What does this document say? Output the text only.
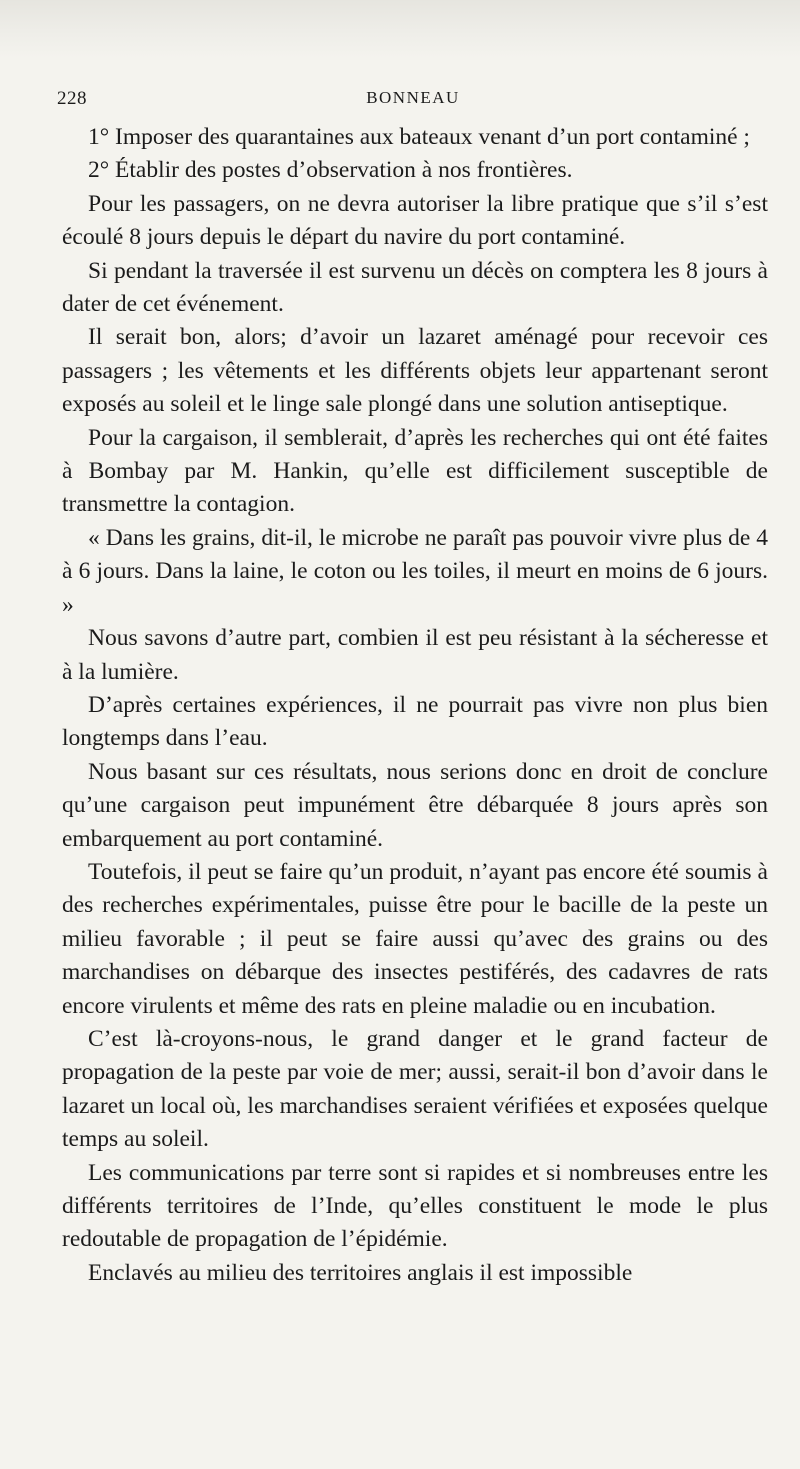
228	BONNEAU

1° Imposer des quarantaines aux bateaux venant d’un port contaminé ;

2° Établir des postes d’observation à nos frontières.

Pour les passagers, on ne devra autoriser la libre pratique que s’il s’est écoulé 8 jours depuis le départ du navire du port contaminé.

Si pendant la traversée il est survenu un décès on comptera les 8 jours à dater de cet événement.

Il serait bon, alors; d’avoir un lazaret aménagé pour recevoir ces passagers ; les vêtements et les différents objets leur appartenant seront exposés au soleil et le linge sale plongé dans une solution antiseptique.

Pour la cargaison, il semblerait, d’après les recherches qui ont été faites à Bombay par M. Hankin, qu’elle est difficilement susceptible de transmettre la contagion.

« Dans les grains, dit-il, le microbe ne paraît pas pouvoir vivre plus de 4 à 6 jours. Dans la laine, le coton ou les toiles, il meurt en moins de 6 jours. »

Nous savons d’autre part, combien il est peu résistant à la sécheresse et à la lumière.

D’après certaines expériences, il ne pourrait pas vivre non plus bien longtemps dans l’eau.

Nous basant sur ces résultats, nous serions donc en droit de conclure qu’une cargaison peut impunément être débarquée 8 jours après son embarquement au port contaminé.

Toutefois, il peut se faire qu’un produit, n’ayant pas encore été soumis à des recherches expérimentales, puisse être pour le bacille de la peste un milieu favorable ; il peut se faire aussi qu’avec des grains ou des marchandises on débarque des insectes pestiférés, des cadavres de rats encore virulents et même des rats en pleine maladie ou en incubation.

C’est là-croyons-nous, le grand danger et le grand facteur de propagation de la peste par voie de mer; aussi, serait-il bon d’avoir dans le lazaret un local où, les marchandises seraient vérifiées et exposées quelque temps au soleil.

Les communications par terre sont si rapides et si nombreuses entre les différents territoires de l’Inde, qu’elles constituent le mode le plus redoutable de propagation de l’épidémie.

Enclavés au milieu des territoires anglais il est impossible
